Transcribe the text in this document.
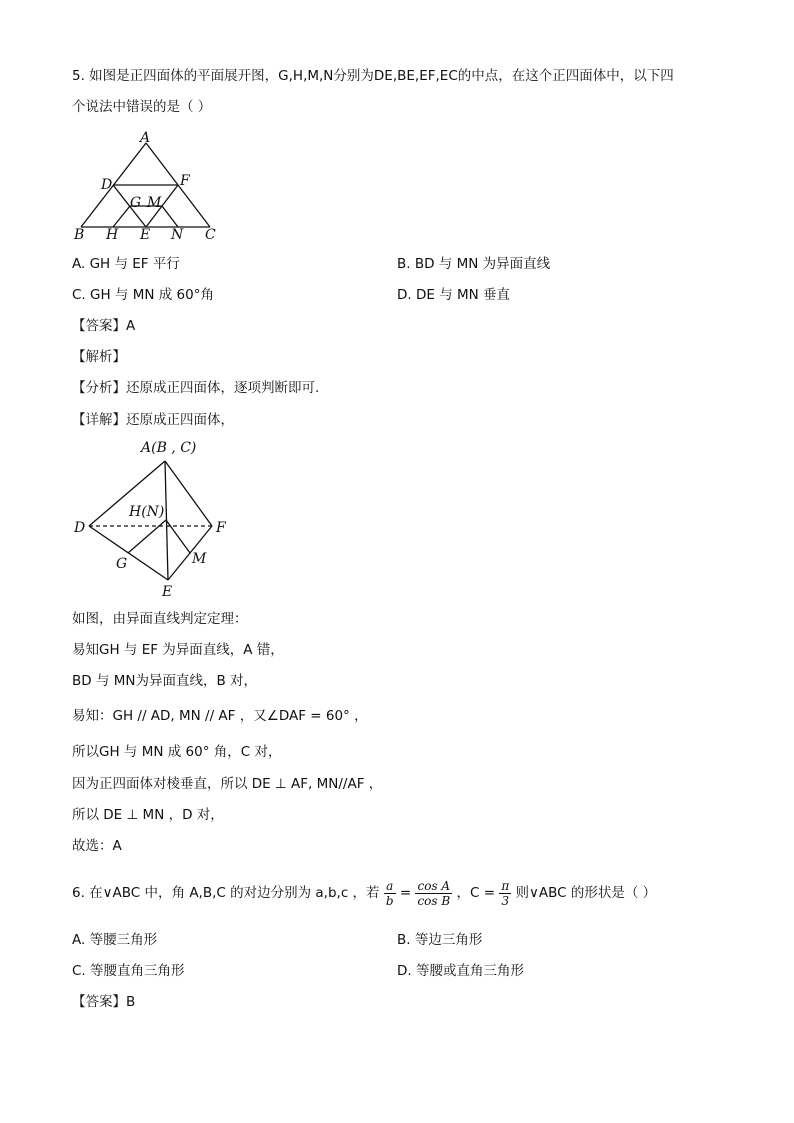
5. 如图是正四面体的平面展开图，G,H,M,N分别为DE,BE,EF,EC的中点，在这个正四面体中，以下四
个说法中错误的是（ ）
A
D	F
G M
B H E N C
A. GH 与 EF 平行	B. BD 与 MN 为异面直线
C. GH 与 MN 成 60°角	D. DE 与 MN 垂直
【答案】A
【解析】
【分析】还原成正四面体，逐项判断即可.
【详解】还原成正四面体，
A(B , C)
H(N)
D	F
G	M
E
如图，由异面直线判定定理：
易知GH 与 EF 为异面直线，A 错，
BD 与 MN为异面直线，B 对，
易知：GH // AD, MN // AF ，又∠DAF = 60° ，
所以GH 与 MN 成 60° 角，C 对，
因为正四面体对棱垂直，所以 DE ⊥ AF, MN//AF ，
所以 DE ⊥ MN ，D 对，
故选：A
6. 在∨ABC 中，角 A,B,C 的对边分别为 a,b,c ，若 $\frac{a}{b} = \frac{\text{cos A}}{\text{cos B}}$ ，$C = \frac{\pi}{3}$ 则∨ABC 的形状是（ ）
A. 等腰三角形	B. 等边三角形
C. 等腰直角三角形	D. 等腰或直角三角形
【答案】B
